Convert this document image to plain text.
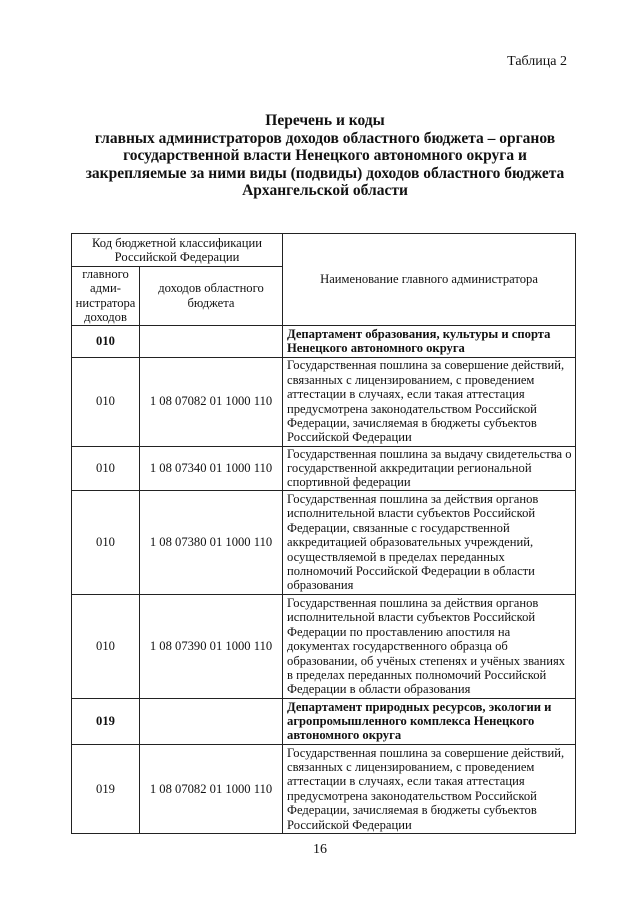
Таблица 2
Перечень и коды
главных администраторов доходов областного бюджета – органов
государственной власти Ненецкого автономного округа и
закрепляемые за ними виды (подвиды) доходов областного бюджета
Архангельской области
Код бюджетной классификации Российской Федерации		Наименование главного администратора
главного адми-нистратора доходов	доходов областного бюджета	
010		Департамент образования, культуры и спорта Ненецкого автономного округа
010	1 08 07082 01 1000 110	Государственная пошлина за совершение действий, связанных с лицензированием, с проведением аттестации в случаях, если такая аттестация предусмотрена законодательством Российской Федерации, зачисляемая в бюджеты субъектов Российской Федерации
010	1 08 07340 01 1000 110	Государственная пошлина за выдачу свидетельства о государственной аккредитации региональной спортивной федерации
010	1 08 07380 01 1000 110	Государственная пошлина за действия органов исполнительной власти субъектов Российской Федерации, связанные с государственной аккредитацией образовательных учреждений, осуществляемой в пределах переданных полномочий Российской Федерации в области образования
010	1 08 07390 01 1000 110	Государственная пошлина за действия органов исполнительной власти субъектов Российской Федерации по проставлению апостиля на документах государственного образца об образовании, об учёных степенях и учёных званиях в пределах переданных полномочий Российской Федерации в области образования
019		Департамент природных ресурсов, экологии и агропромышленного комплекса Ненецкого автономного округа
019	1 08 07082 01 1000 110	Государственная пошлина за совершение действий, связанных с лицензированием, с проведением аттестации в случаях, если такая аттестация предусмотрена законодательством Российской Федерации, зачисляемая в бюджеты субъектов Российской Федерации
16
